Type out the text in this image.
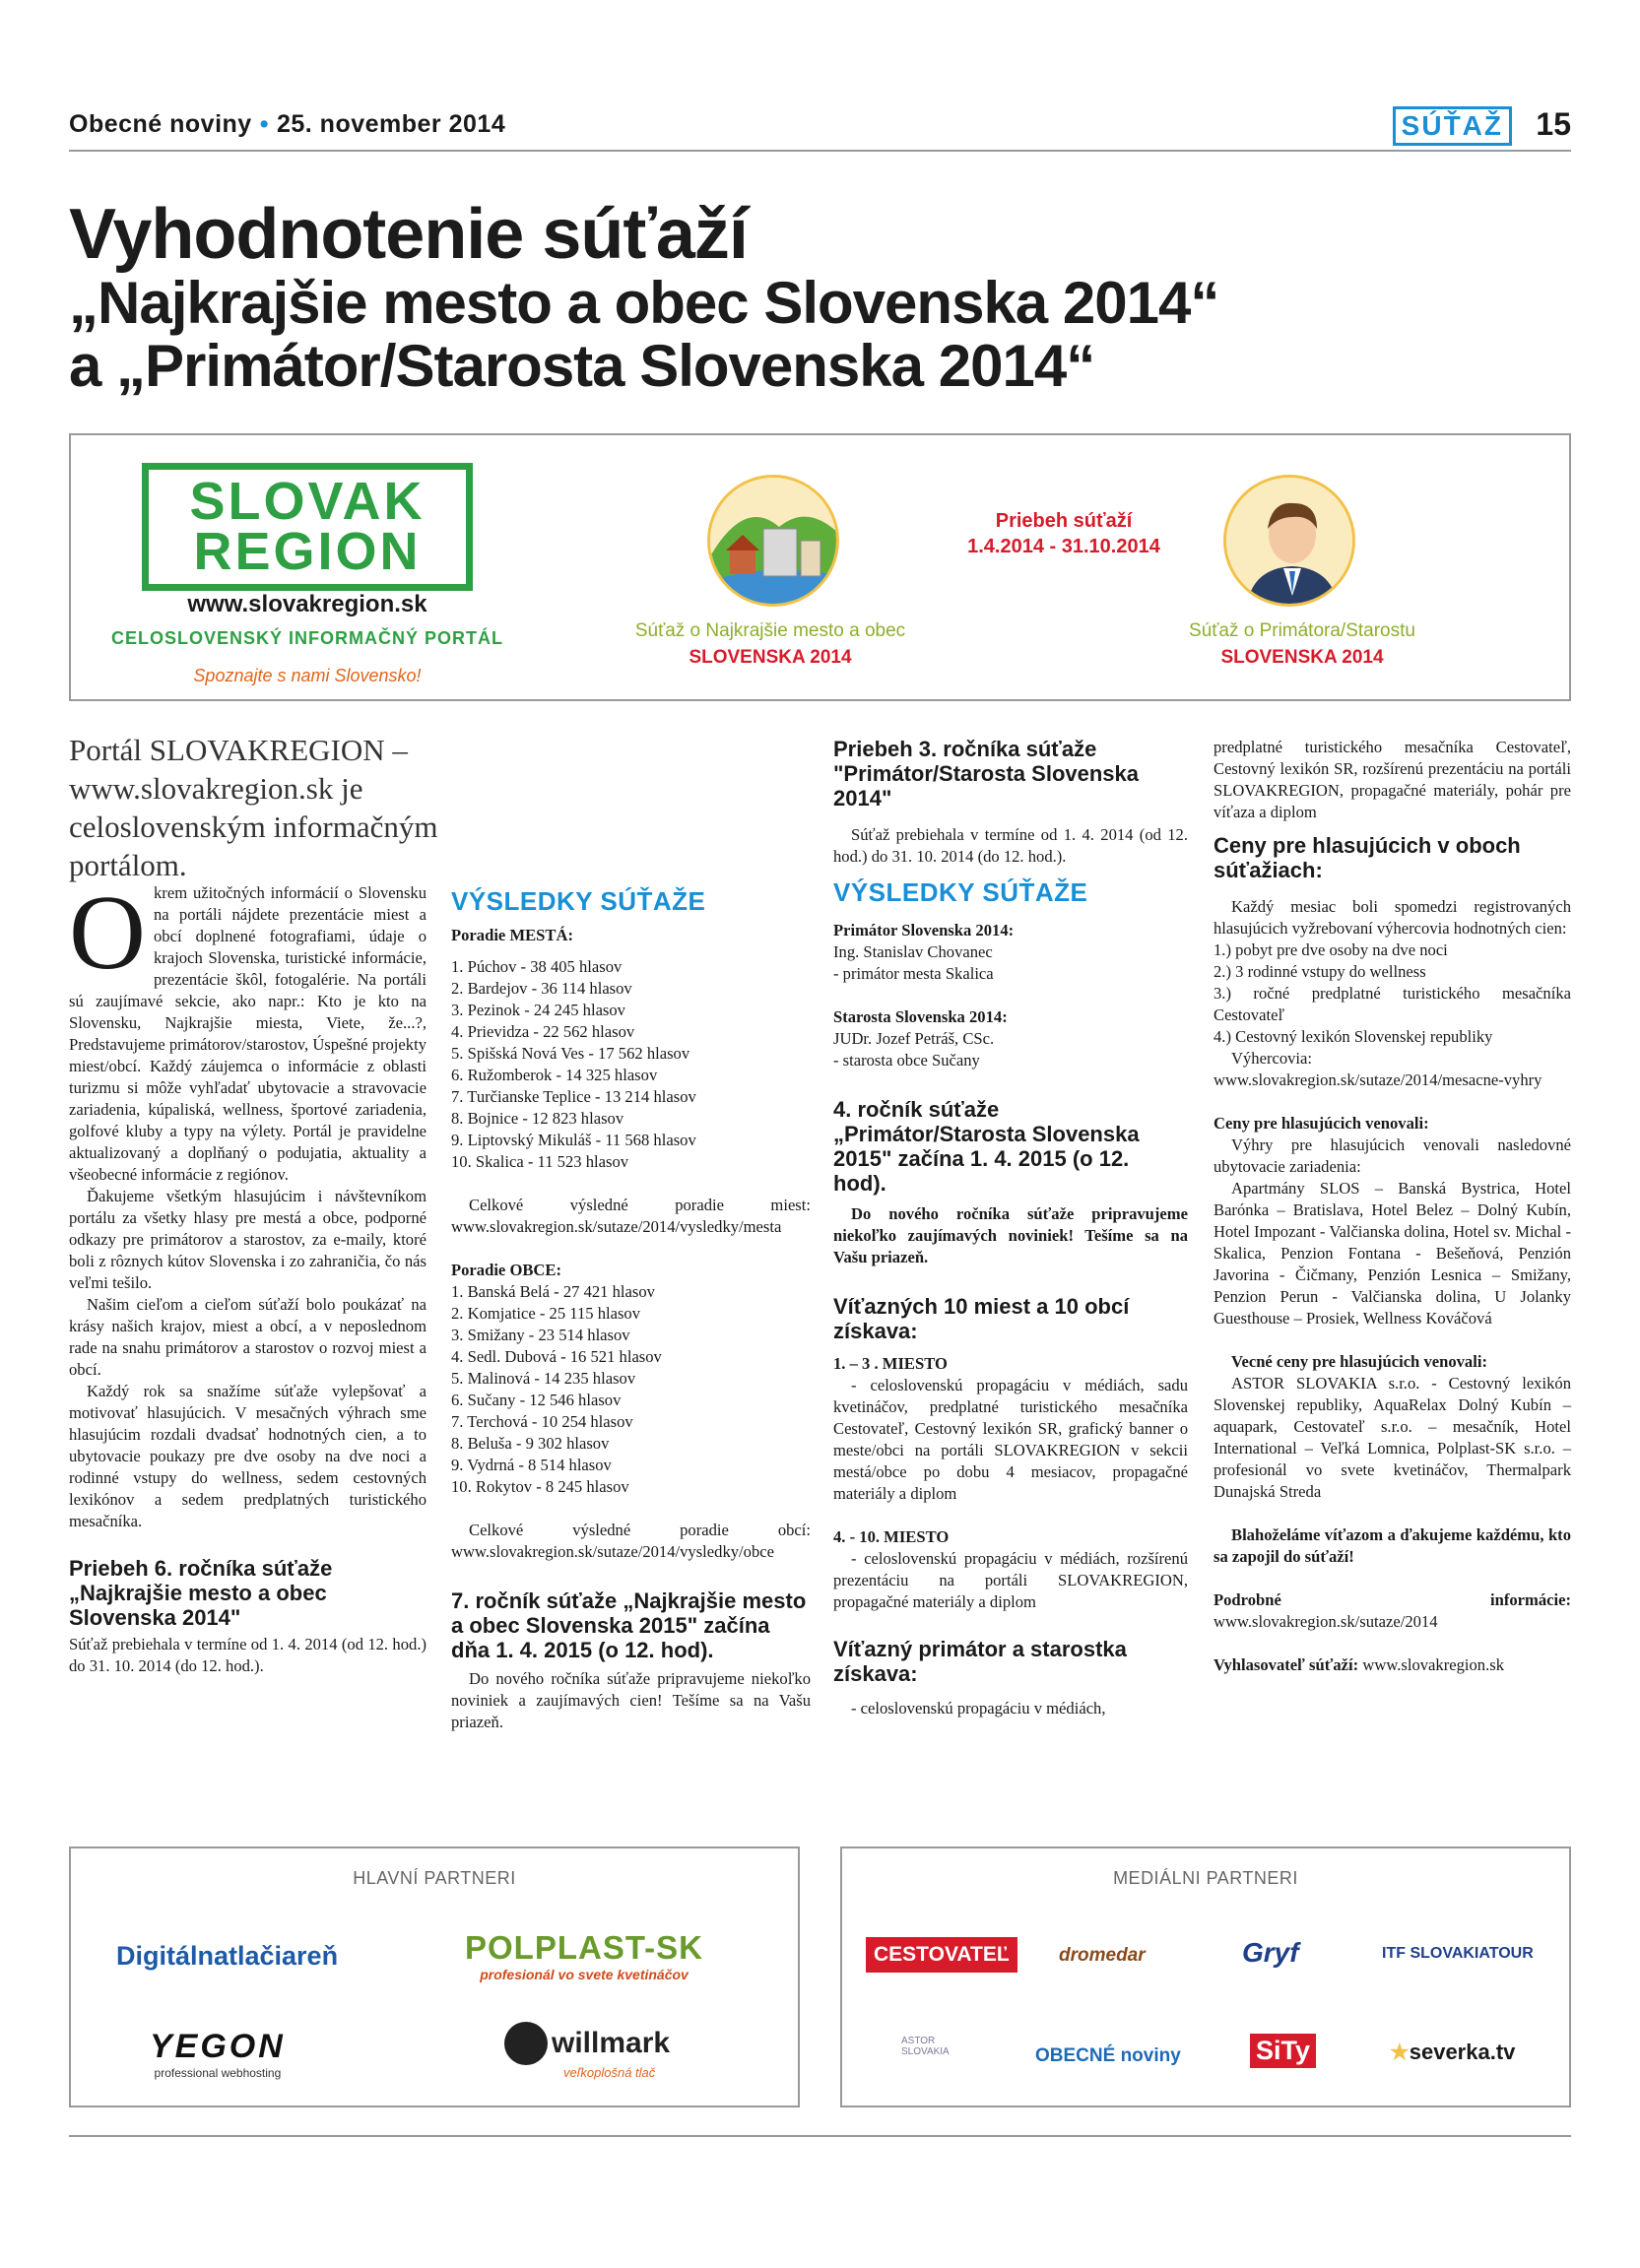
Obecné noviny • 25. november 2014	SÚŤAŽ 15
Vyhodnotenie súťaží
„Najkrajšie mesto a obec Slovenska 2014“
a „Primátor/Starosta Slovenska 2014“
SLOVAK
REGION
www.slovakregion.sk
CELOSLOVENSKÝ INFORMAČNÝ PORTÁL
Spoznajte s nami Slovensko!
Priebeh súťaží
1.4.2014 - 31.10.2014
Súťaž o Najkrajšie mesto a obec
SLOVENSKA 2014
Súťaž o Primátora/Starostu
SLOVENSKA 2014
Portál SLOVAKREGION – www.slovakregion.sk je celoslovenským informačným portálom.

Okrem užitočných informácií o Slovensku na portáli nájdete prezentácie miest a obcí doplnené fotografiami, údaje o krajoch Slovenska, turistické informácie, prezentácie škôl, fotogalérie. Na portáli sú zaujímavé sekcie, ako napr.: Kto je kto na Slovensku, Najkrajšie miesta, Viete, že...?, Predstavujeme primátorov/starostov, Úspešné projekty miest/obcí. Každý záujemca o informácie z oblasti turizmu si môže vyhľadať ubytovacie a stravovacie zariadenia, kúpaliská, wellness, športové zariadenia, golfové kluby a typy na výlety. Portál je pravidelne aktualizovaný a doplňaný o podujatia, aktuality a všeobecné informácie z regiónov.

Ďakujeme všetkým hlasujúcim i návštevníkom portálu za všetky hlasy pre mestá a obce, podporné odkazy pre primátorov a starostov, za e-maily, ktoré boli z rôznych kútov Slovenska i zo zahraničia, čo nás veľmi tešilo.

Našim cieľom a cieľom súťaží bolo poukázať na krásy našich krajov, miest a obcí, a v neposlednom rade na snahu primátorov a starostov o rozvoj miest a obcí.

Každý rok sa snažíme súťaže vylepšovať a motivovať hlasujúcich. V mesačných výhrach sme hlasujúcim rozdali dvadsať hodnotných cien, a to ubytovacie poukazy pre dve osoby na dve noci a rodinné vstupy do wellness, sedem cestovných lexikónov a sedem predplatných turistického mesačníka.

Priebeh 6. ročníka súťaže „Najkrajšie mesto a obec Slovenska 2014"

Súťaž prebiehala v termíne od 1. 4. 2014 (od 12. hod.) do 31. 10. 2014 (do 12. hod.).

VÝSLEDKY SÚŤAŽE
Poradie MESTÁ:
1. Púchov - 38 405 hlasov
2. Bardejov - 36 114 hlasov
3. Pezinok - 24 245 hlasov
4. Prievidza - 22 562 hlasov
5. Spišská Nová Ves - 17 562 hlasov
6. Ružomberok - 14 325 hlasov
7. Turčianske Teplice - 13 214 hlasov
8. Bojnice - 12 823 hlasov
9. Liptovský Mikuláš - 11 568 hlasov
10. Skalica - 11 523 hlasov

Celkové výsledné poradie miest: www.slovakregion.sk/sutaze/2014/vysledky/mesta

Poradie OBCE:
1. Banská Belá - 27 421 hlasov
2. Komjatice - 25 115 hlasov
3. Smižany - 23 514 hlasov
4. Sedl. Dubová - 16 521 hlasov
5. Malinová - 14 235 hlasov
6. Sučany - 12 546 hlasov
7. Terchová - 10 254 hlasov
8. Beluša - 9 302 hlasov
9. Vydrná - 8 514 hlasov
10. Rokytov - 8 245 hlasov

Celkové výsledné poradie obcí: www.slovakregion.sk/sutaze/2014/vysledky/obce

7. ročník súťaže „Najkrajšie mesto a obec Slovenska 2015" začína dňa 1. 4. 2015 (o 12. hod).

Do nového ročníka súťaže pripravujeme niekoľko noviniek a zaujímavých cien! Tešíme sa na Vašu priazeň.

Priebeh 3. ročníka súťaže "Primátor/Starosta Slovenska 2014"

Súťaž prebiehala v termíne od 1. 4. 2014 (od 12. hod.) do 31. 10. 2014 (do 12. hod.).

VÝSLEDKY SÚŤAŽE
Primátor Slovenska 2014:
Ing. Stanislav Chovanec
- primátor mesta Skalica
Starosta Slovenska 2014:
JUDr. Jozef Petráš, CSc.
- starosta obce Sučany
4. ročník súťaže „Primátor/Starosta Slovenska 2015" začína 1. 4. 2015 (o 12. hod).

Do nového ročníka súťaže pripravujeme niekoľko zaujímavých noviniek! Tešíme sa na Vašu priazeň.

Víťazných 10 miest a 10 obcí získava:
1. – 3 . MIESTO

- celoslovenskú propagáciu v médiách, sadu kvetináčov, predplatné turistického mesačníka Cestovateľ, Cestovný lexikón SR, grafický banner o meste/obci na portáli SLOVAKREGION v sekcii mestá/obce po dobu 4 mesiacov, propagačné materiály a diplom

4. - 10. MIESTO

- celoslovenskú propagáciu v médiách, rozšírenú prezentáciu na portáli SLOVAKREGION, propagačné materiály a diplom

Víťazný primátor a starostka získava:

- celoslovenskú propagáciu v médiách,

predplatné turistického mesačníka Cestovateľ, Cestovný lexikón SR, rozšírenú prezentáciu na portáli SLOVAKREGION, propagačné materiály, pohár pre víťaza a diplom

Ceny pre hlasujúcich v oboch súťažiach:

Každý mesiac boli spomedzi registrovaných hlasujúcich vyžrebovaní výhercovia hodnotných cien:

1.) pobyt pre dve osoby na dve noci
2.) 3 rodinné vstupy do wellness
3.) ročné predplatné turistického mesačníka Cestovateľ
4.) Cestovný lexikón Slovenskej republiky

Výhercovia: www.slovakregion.sk/sutaze/2014/mesacne-vyhry

Ceny pre hlasujúcich venovali:

Výhry pre hlasujúcich venovali nasledovné ubytovacie zariadenia:

Apartmány SLOS – Banská Bystrica, Hotel Barónka – Bratislava, Hotel Belez – Dolný Kubín, Hotel Impozant - Valčianska dolina, Hotel sv. Michal - Skalica, Penzion Fontana - Bešeňová, Penzión Javorina - Čičmany, Penzión Lesnica – Smižany, Penzion Perun - Valčianska dolina, U Jolanky Guesthouse – Prosiek, Wellness Kováčová

Vecné ceny pre hlasujúcich venovali:

ASTOR SLOVAKIA s.r.o. - Cestovný lexikón Slovenskej republiky, AquaRelax Dolný Kubín – aquapark, Cestovateľ s.r.o. – mesačník, Hotel International – Veľká Lomnica, Polplast-SK s.r.o. – profesionál vo svete kvetináčov, Thermalpark Dunajská Streda

Blahoželáme víťazom a ďakujeme každému, kto sa zapojil do súťaží!

Podrobné informácie: www.slovakregion.sk/sutaze/2014

Vyhlasovateľ súťaží: www.slovakregion.sk

HLAVNÍ PARTNERI
Digitálnatlačiareň	POLPLAST-SK
profesionál vo svete kvetináčov
YEGON
professional webhosting
willmark
veľkoplošná tlač
MEDIÁLNI PARTNERI
CESTOVATEĽ	dromedar	Gryf	ITF SLOVAKIATOUR
ASTOR SLOVAKIA	OBECNÉ noviny	SiTy	★severka.tv
